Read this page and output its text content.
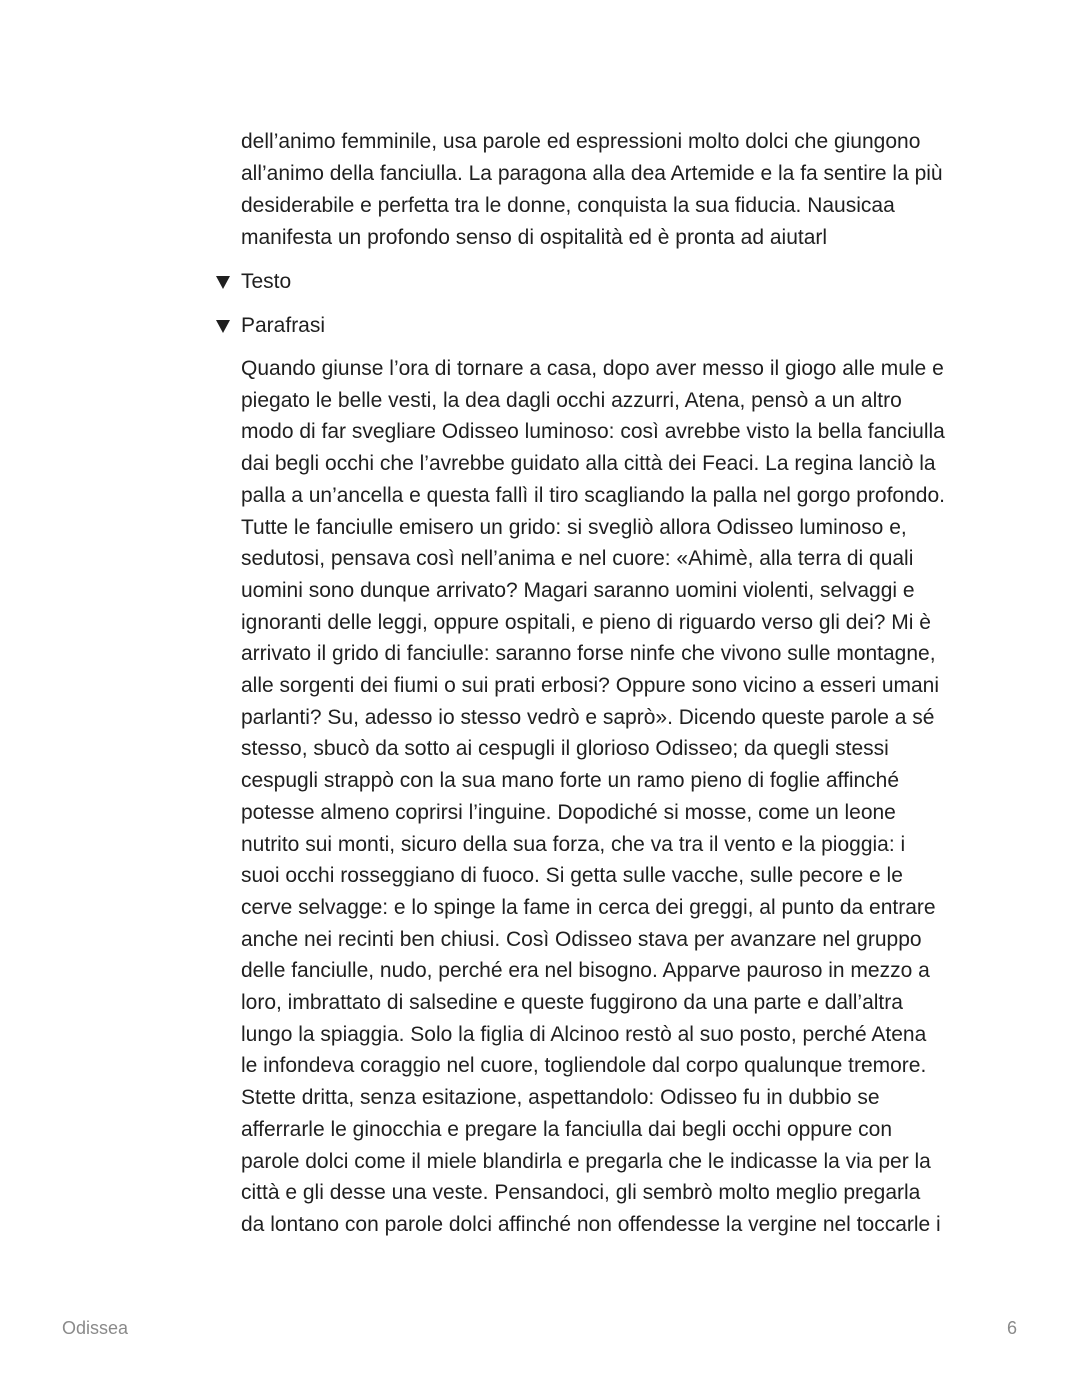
dell’animo femminile, usa parole ed espressioni molto dolci che giungono
all’animo della fanciulla. La paragona alla dea Artemide e la fa sentire la più
desiderabile e perfetta tra le donne, conquista la sua fiducia. Nausicaa
manifesta un profondo senso di ospitalità ed è pronta ad aiutarl
Testo
Parafrasi
Quando giunse l’ora di tornare a casa, dopo aver messo il giogo alle mule e
piegato le belle vesti, la dea dagli occhi azzurri, Atena, pensò a un altro
modo di far svegliare Odisseo luminoso: così avrebbe visto la bella fanciulla
dai begli occhi che l’avrebbe guidato alla città dei Feaci. La regina lanciò la
palla a un’ancella e questa fallì il tiro scagliando la palla nel gorgo profondo.
Tutte le fanciulle emisero un grido: si svegliò allora Odisseo luminoso e,
sedutosi, pensava così nell’anima e nel cuore: «Ahimè, alla terra di quali
uomini sono dunque arrivato? Magari saranno uomini violenti, selvaggi e
ignoranti delle leggi, oppure ospitali, e pieno di riguardo verso gli dei? Mi è
arrivato il grido di fanciulle: saranno forse ninfe che vivono sulle montagne,
alle sorgenti dei fiumi o sui prati erbosi? Oppure sono vicino a esseri umani
parlanti? Su, adesso io stesso vedrò e saprò». Dicendo queste parole a sé
stesso, sbucò da sotto ai cespugli il glorioso Odisseo; da quegli stessi
cespugli strappò con la sua mano forte un ramo pieno di foglie affinché
potesse almeno coprirsi l’inguine. Dopodiché si mosse, come un leone
nutrito sui monti, sicuro della sua forza, che va tra il vento e la pioggia: i
suoi occhi rosseggiano di fuoco. Si getta sulle vacche, sulle pecore e le
cerve selvagge: e lo spinge la fame in cerca dei greggi, al punto da entrare
anche nei recinti ben chiusi. Così Odisseo stava per avanzare nel gruppo
delle fanciulle, nudo, perché era nel bisogno. Apparve pauroso in mezzo a
loro, imbrattato di salsedine e queste fuggirono da una parte e dall’altra
lungo la spiaggia. Solo la figlia di Alcinoo restò al suo posto, perché Atena
le infondeva coraggio nel cuore, togliendole dal corpo qualunque tremore.
Stette dritta, senza esitazione, aspettandolo: Odisseo fu in dubbio se
afferrarle le ginocchia e pregare la fanciulla dai begli occhi oppure con
parole dolci come il miele blandirla e pregarla che le indicasse la via per la
città e gli desse una veste. Pensandoci, gli sembrò molto meglio pregarla
da lontano con parole dolci affinché non offendesse la vergine nel toccarle i
Odissea	6
